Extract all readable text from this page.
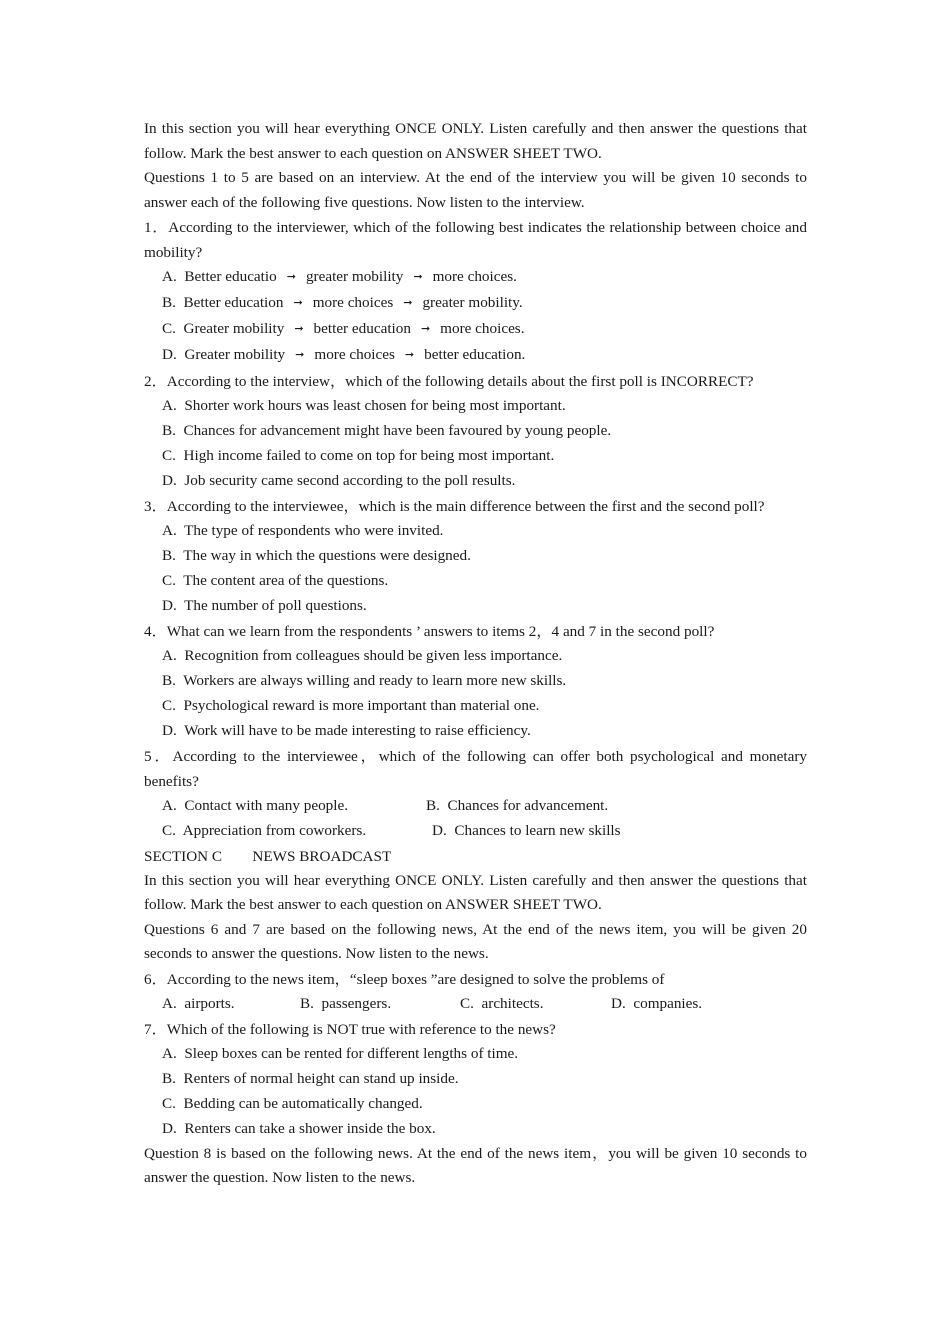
In this section you will hear everything ONCE ONLY. Listen carefully and then answer the questions that follow. Mark the best answer to each question on ANSWER SHEET TWO.

Questions 1 to 5 are based on an interview. At the end of the interview you will be given 10 seconds to answer each of the following five questions. Now listen to the interview.

1．According to the interviewer, which of the following best indicates the relationship between choice and mobility?

A.  Better educatio ➞ greater mobility ➞ more choices.
B.  Better education ➞ more choices ➞ greater mobility.
C.  Greater mobility ➞ better education ➞ more choices.
D.  Greater mobility ➞ more choices ➞ better education.

2．According to the interview，which of the following details about the first poll is INCORRECT?

A.  Shorter work hours was least chosen for being most important.
B.  Chances for advancement might have been favoured by young people.
C.  High income failed to come on top for being most important.
D.  Job security came second according to the poll results.

3．According to the interviewee，which is the main difference between the first and the second poll?

A.  The type of respondents who were invited.
B.  The way in which the questions were designed.
C.  The content area of the questions.
D.  The number of poll questions.

4．What can we learn from the respondents ’ answers to items 2，4 and 7 in the second poll?

A.  Recognition from colleagues should be given less importance.
B.  Workers are always willing and ready to learn more new skills.
C.  Psychological reward is more important than material one.
D.  Work will have to be made interesting to raise efficiency.

5．According to the interviewee，which of the following can offer both psychological and monetary benefits?

A.  Contact with many people.	B.  Chances for advancement.
C.  Appreciation from coworkers.	D.  Chances to learn new skills
SECTION C        NEWS BROADCAST

In this section you will hear everything ONCE ONLY. Listen carefully and then answer the questions that follow. Mark the best answer to each question on ANSWER SHEET TWO.

Questions 6 and 7 are based on the following news, At the end of the news item, you will be given 20 seconds to answer the questions. Now listen to the news.

6．According to the news item，“sleep boxes ”are designed to solve the problems of

A.  airports.	B.  passengers.	C.  architects.	D.  companies.

7．Which of the following is NOT true with reference to the news?

A.  Sleep boxes can be rented for different lengths of time.
B.  Renters of normal height can stand up inside.
C.  Bedding can be automatically changed.
D.  Renters can take a shower inside the box.

Question 8 is based on the following news. At the end of the news item，you will be given 10 seconds to answer the question. Now listen to the news.
